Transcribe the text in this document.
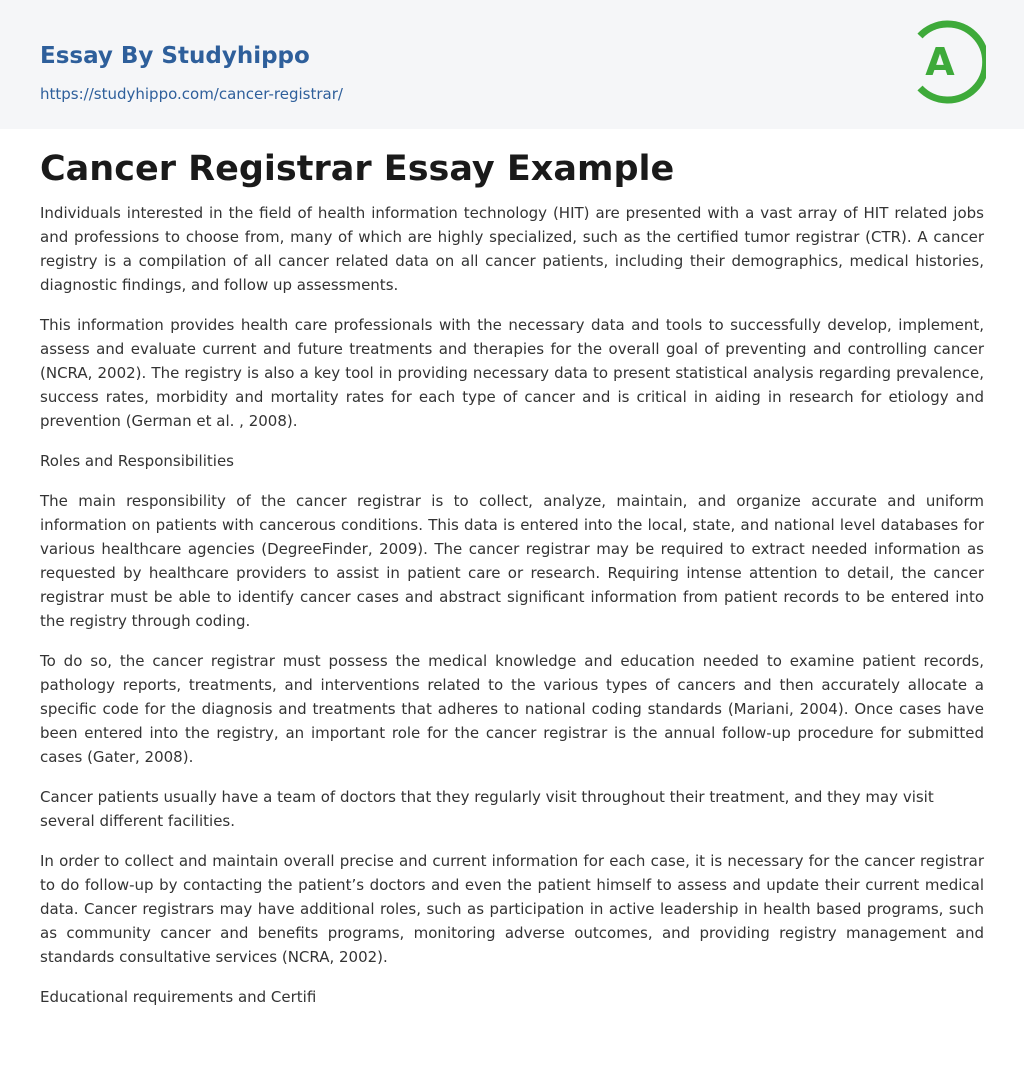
Essay By Studyhippo
https://studyhippo.com/cancer-registrar/
A
Cancer Registrar Essay Example

Individuals interested in the field of health information technology (HIT) are presented with a vast array of HIT related jobs and professions to choose from, many of which are highly specialized, such as the certified tumor registrar (CTR). A cancer registry is a compilation of all cancer related data on all cancer patients, including their demographics, medical histories, diagnostic findings, and follow up assessments.

This information provides health care professionals with the necessary data and tools to successfully develop, implement, assess and evaluate current and future treatments and therapies for the overall goal of preventing and controlling cancer (NCRA, 2002). The registry is also a key tool in providing necessary data to present statistical analysis regarding prevalence, success rates, morbidity and mortality rates for each type of cancer and is critical in aiding in research for etiology and prevention (German et al. , 2008).

Roles and Responsibilities

The main responsibility of the cancer registrar is to collect, analyze, maintain, and organize accurate and uniform information on patients with cancerous conditions. This data is entered into the local, state, and national level databases for various healthcare agencies (DegreeFinder, 2009). The cancer registrar may be required to extract needed information as requested by healthcare providers to assist in patient care or research. Requiring intense attention to detail, the cancer registrar must be able to identify cancer cases and abstract significant information from patient records to be entered into the registry through coding.

To do so, the cancer registrar must possess the medical knowledge and education needed to examine patient records, pathology reports, treatments, and interventions related to the various types of cancers and then accurately allocate a specific code for the diagnosis and treatments that adheres to national coding standards (Mariani, 2004). Once cases have been entered into the registry, an important role for the cancer registrar is the annual follow-up procedure for submitted cases (Gater, 2008).

Cancer patients usually have a team of doctors that they regularly visit throughout their treatment, and they may visit several different facilities.

In order to collect and maintain overall precise and current information for each case, it is necessary for the cancer registrar to do follow-up by contacting the patient’s doctors and even the patient himself to assess and update their current medical data. Cancer registrars may have additional roles, such as participation in active leadership in health based programs, such as community cancer and benefits programs, monitoring adverse outcomes, and providing registry management and standards consultative services (NCRA, 2002).

Educational requirements and Certifi
